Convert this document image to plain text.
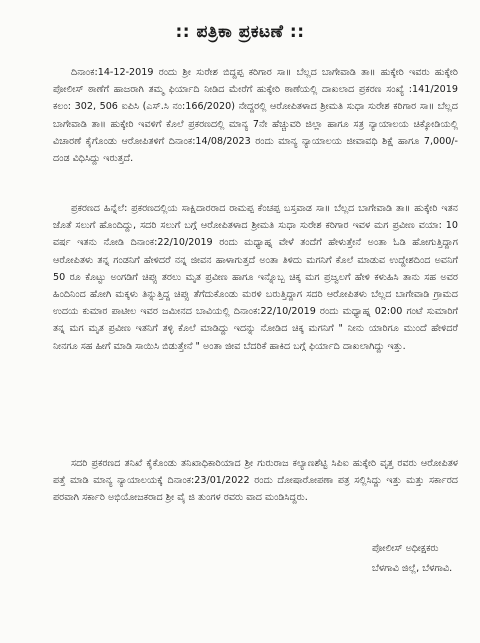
:: ಪತ್ರಿಕಾ ಪ್ರಕಟಣೆ ::

ದಿನಾಂಕ:14-12-2019 ರಂದು ಶ್ರೀ ಸುರೇಶ ಬಿದ್ದಪ್ಪ ಕರಿಗಾರ ಸಾ॥ ಬೆಲ್ಲದ ಬಾಗೇವಾಡಿ ತಾ॥ ಹುಕ್ಕೇರಿ ಇವರು ಹುಕ್ಕೇರಿ ಪೋಲೀಸ್ ಠಾಣೆಗೆ ಹಾಜರಾಗಿ ತಮ್ಮ ಫಿರ್ಯಾದಿ ನೀಡಿದ ಮೇರೆಗೆ ಹುಕ್ಕೇರಿ ಠಾಣೆಯಲ್ಲಿ ದಾಖಲಾದ ಪ್ರಕರಣ ಸಂಖ್ಯೆ :141/2019 ಕಲಂ: 302, 506 ಐಪಿಸಿ (ಎಸ್.ಸಿ ನಂ:166/2020) ನೇದ್ದರಲ್ಲಿ ಆರೋಪಿತಳಾದ ಶ್ರೀಮತಿ ಸುಧಾ ಸುರೇಶ ಕರಿಗಾರ ಸಾ॥ ಬೆಲ್ಲದ ಬಾಗೇವಾಡಿ ತಾ॥ ಹುಕ್ಕೇರಿ ಇವಳಿಗೆ ಕೊಲೆ ಪ್ರಕರಣದಲ್ಲಿ ಮಾನ್ಯ 7ನೇ ಹೆಚ್ಚುವರಿ ಜಿಲ್ಲಾ ಹಾಗೂ ಸತ್ರ ನ್ಯಾಯಾಲಯ ಚಿಕ್ಕೋಡಿಯಲ್ಲಿ ವಿಚಾರಣೆ ಕೈಗೊಂಡು ಆರೋಪಿತಳಿಗೆ ದಿನಾಂಕ:14/08/2023 ರಂದು ಮಾನ್ಯ ನ್ಯಾಯಾಲಯ ಜೀವಾವಧಿ ಶಿಕ್ಷೆ ಹಾಗೂ 7,000/- ದಂಡ ವಿಧಿಸಿದ್ದು ಇರುತ್ತದೆ.

ಪ್ರಕರಣದ ಹಿನ್ನೆಲೆ: ಪ್ರಕರಣದಲ್ಲಿಯ ಸಾಕ್ಷಿದಾರರಾದ ರಾಮಪ್ಪ ಕೆಂಚಪ್ಪ ಬಸ್ತವಾಡ ಸಾ॥ ಬೆಲ್ಲದ ಬಾಗೇವಾಡಿ ತಾ॥ ಹುಕ್ಕೇರಿ ಇತನ ಜೊತೆ ಸಲುಗೆ ಹೊಂದಿದ್ದು, ಸದರಿ ಸಲುಗೆ ಬಗ್ಗೆ ಆರೋಪಿತಳಾದ ಶ್ರೀಮತಿ ಸುಧಾ ಸುರೇಶ ಕರಿಗಾರ ಇವಳ ಮಗ ಪ್ರವೀಣ ವಯಾ: 10 ವರ್ಷ ಇತನು ನೋಡಿ ದಿನಾಂಕ:22/10/2019 ರಂದು ಮಧ್ಯಾಹ್ನ ವೇಳೆ ತಂದೆಗೆ ಹೇಳುತ್ತೇನೆ ಅಂತಾ ಓಡಿ ಹೋಗುತ್ತಿದ್ದಾಗ ಆರೋಪಿತಳು ತನ್ನ ಗಂಡನಿಗೆ ಹೇಳಿದರೆ ನನ್ನ ಜೀವನ ಹಾಳಾಗುತ್ತದೆ ಅಂತಾ ತಿಳಿದು ಮಗನಿಗೆ ಕೊಲೆ ಮಾಡುವ ಉದ್ದೇಶದಿಂದ ಅವನಿಗೆ 50 ರೂ ಕೊಟ್ಟು ಅಂಗಡಿಗೆ ಚಿಪ್ಸು ತರಲು ಮೃತ ಪ್ರವೀಣ ಹಾಗೂ ಇನ್ನೊಬ್ಬ ಚಿಕ್ಕ ಮಗ ಪ್ರಜ್ವಲಗೆ ಹೇಳಿ ಕಳುಹಿಸಿ ತಾನು ಸಹ ಅವರ ಹಿಂದಿನಿಂದ ಹೋಗಿ ಮಕ್ಕಳು ತಿನ್ನುತ್ತಿದ್ದ ಚಿಪ್ಸು ತೆಗೆದುಕೊಂಡು ಮರಳಿ ಬರುತ್ತಿದ್ದಾಗ ಸದರಿ ಆರೋಪಿತಳು ಬೆಲ್ಲದ ಬಾಗೇವಾಡಿ ಗ್ರಾಮದ ಉದಯ ಕುಮಾರ ಪಾಟೀಲ ಇವರ ಜಮೀನದ ಬಾವಿಯಲ್ಲಿ ದಿನಾಂಕ:22/10/2019 ರಂದು ಮಧ್ಯಾಹ್ನ 02:00 ಗಂಟೆ ಸುಮಾರಿಗೆ ತನ್ನ ಮಗ ಮೃತ ಪ್ರವೀಣ ಇತನಿಗೆ ತಳ್ಳಿ ಕೊಲೆ ಮಾಡಿದ್ದು ಇದನ್ನು ನೋಡಿದ ಚಿಕ್ಕ ಮಗನಿಗೆ " ನೀನು ಯಾರಿಗೂ ಮುಂದೆ ಹೇಳಿದರೆ ನೀನಗೂ ಸಹ ಹೀಗೆ ಮಾಡಿ ಸಾಯಿಸಿ ಬಿಡುತ್ತೇನೆ " ಅಂತಾ ಜೀವ ಬೆದರಿಕೆ ಹಾಕಿದ ಬಗ್ಗೆ ಫಿರ್ಯಾದಿ ದಾಖಲಾಗಿದ್ದು ಇತ್ತು.

ಸದರಿ ಪ್ರಕರಣದ ತನಿಖೆ ಕೈಕೊಂಡು ತನಿಖಾಧಿಕಾರಿಯಾದ ಶ್ರೀ ಗುರುರಾಜ ಕಲ್ಯಾಣಶೆಟ್ಟಿ ಸಿಪಿಐ ಹುಕ್ಕೇರಿ ವೃತ್ತ ರವರು ಆರೋಪಿತಳ ಪತ್ತೆ ಮಾಡಿ ಮಾನ್ಯ ನ್ಯಾಯಾಲಯಕ್ಕೆ ದಿನಾಂಕ:23/01/2022 ರಂದು ದೋಷಾರೋಪಣಾ ಪತ್ರ ಸಲ್ಲಿಸಿದ್ದು ಇತ್ತು ಮತ್ತು ಸರ್ಕಾರದ ಪರವಾಗಿ ಸರ್ಕಾರಿ ಅಭಿಯೋಜಕರಾದ ಶ್ರೀ ವೈ ಜಿ ತುಂಗಳ ರವರು ವಾದ ಮಂಡಿಸಿದ್ದರು.

ಪೋಲೀಸ್ ಅಧೀಕ್ಷಕರು
ಬೆಳಗಾವಿ ಜಿಲ್ಲೆ, ಬೆಳಗಾವಿ.
